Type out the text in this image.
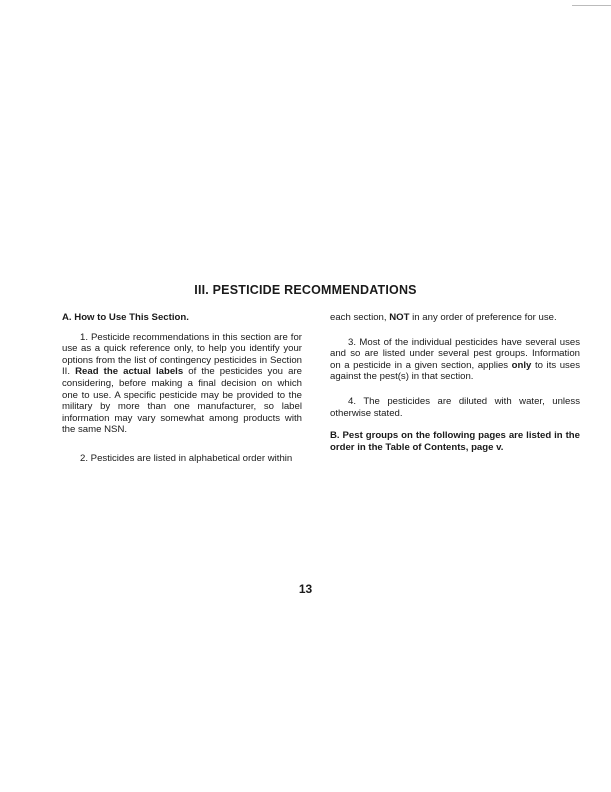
III. PESTICIDE RECOMMENDATIONS

A. How to Use This Section.

1. Pesticide recommendations in this section are for use as a quick reference only, to help you identify your options from the list of contingency pesticides in Section II. Read the actual labels of the pesticides you are considering, before making a final decision on which one to use. A specific pesticide may be provided to the military by more than one manufacturer, so label information may vary somewhat among products with the same NSN.

2. Pesticides are listed in alphabetical order within

each section, NOT in any order of preference for use.

3. Most of the individual pesticides have several uses and so are listed under several pest groups. Information on a pesticide in a given section, applies only to its uses against the pest(s) in that section.

4. The pesticides are diluted with water, unless otherwise stated.

B. Pest groups on the following pages are listed in the order in the Table of Contents, page v.

13
